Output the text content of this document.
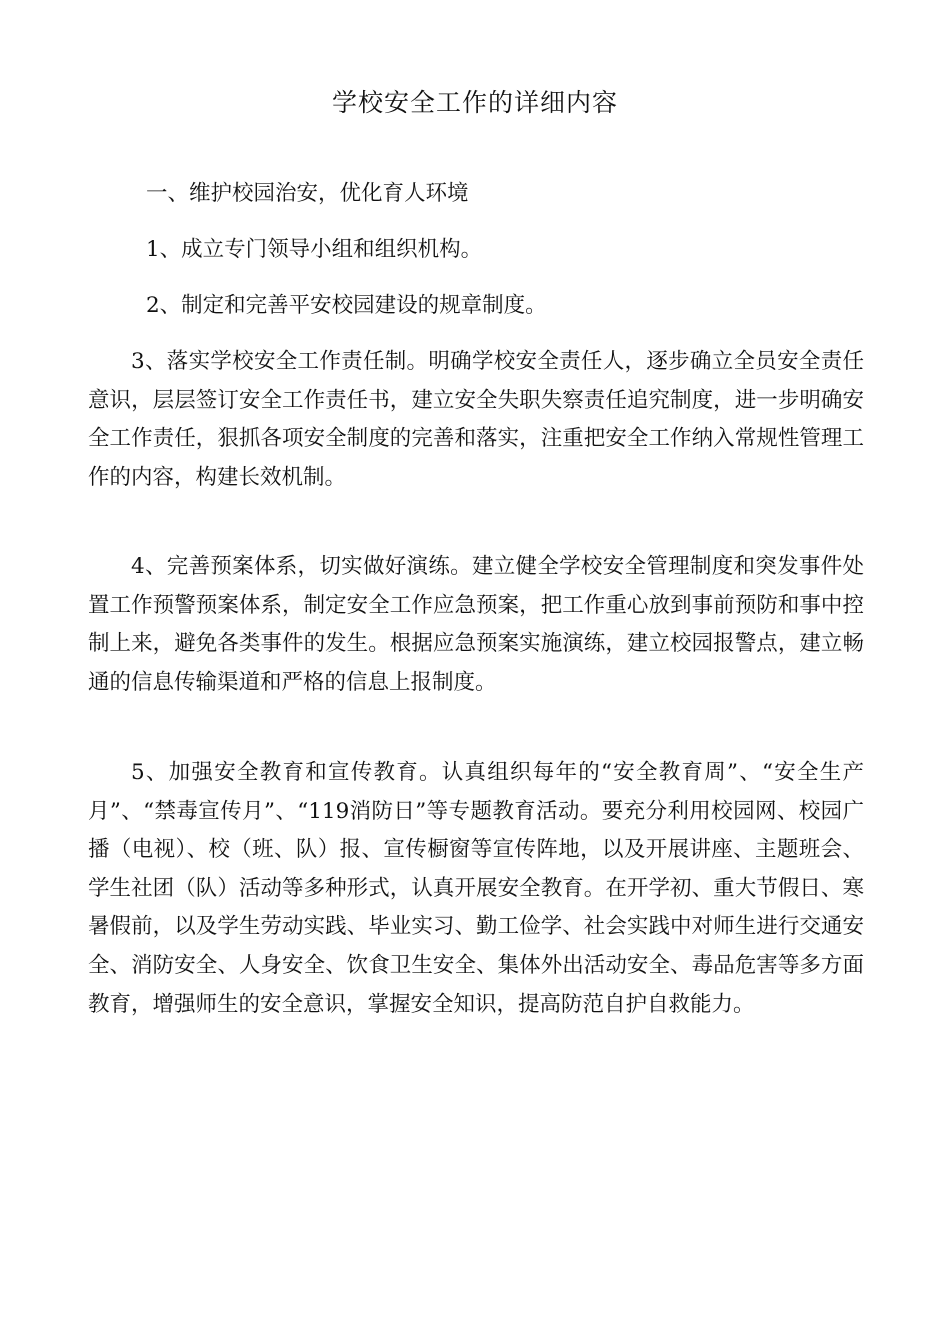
学校安全工作的详细内容
一、维护校园治安，优化育人环境
1、成立专门领导小组和组织机构。
2、制定和完善平安校园建设的规章制度。
3、落实学校安全工作责任制。明确学校安全责任人，逐步确立全员安全责任意识，层层签订安全工作责任书，建立安全失职失察责任追究制度，进一步明确安全工作责任，狠抓各项安全制度的完善和落实，注重把安全工作纳入常规性管理工作的内容，构建长效机制。
4、完善预案体系，切实做好演练。建立健全学校安全管理制度和突发事件处置工作预警预案体系，制定安全工作应急预案，把工作重心放到事前预防和事中控制上来，避免各类事件的发生。根据应急预案实施演练，建立校园报警点，建立畅通的信息传输渠道和严格的信息上报制度。
5、加强安全教育和宣传教育。认真组织每年的“安全教育周”、“安全生产月”、“禁毒宣传月”、“119消防日”等专题教育活动。要充分利用校园网、校园广播（电视）、校（班、队）报、宣传橱窗等宣传阵地，以及开展讲座、主题班会、学生社团（队）活动等多种形式，认真开展安全教育。在开学初、重大节假日、寒暑假前，以及学生劳动实践、毕业实习、勤工俭学、社会实践中对师生进行交通安全、消防安全、人身安全、饮食卫生安全、集体外出活动安全、毒品危害等多方面教育，增强师生的安全意识，掌握安全知识，提高防范自护自救能力。
